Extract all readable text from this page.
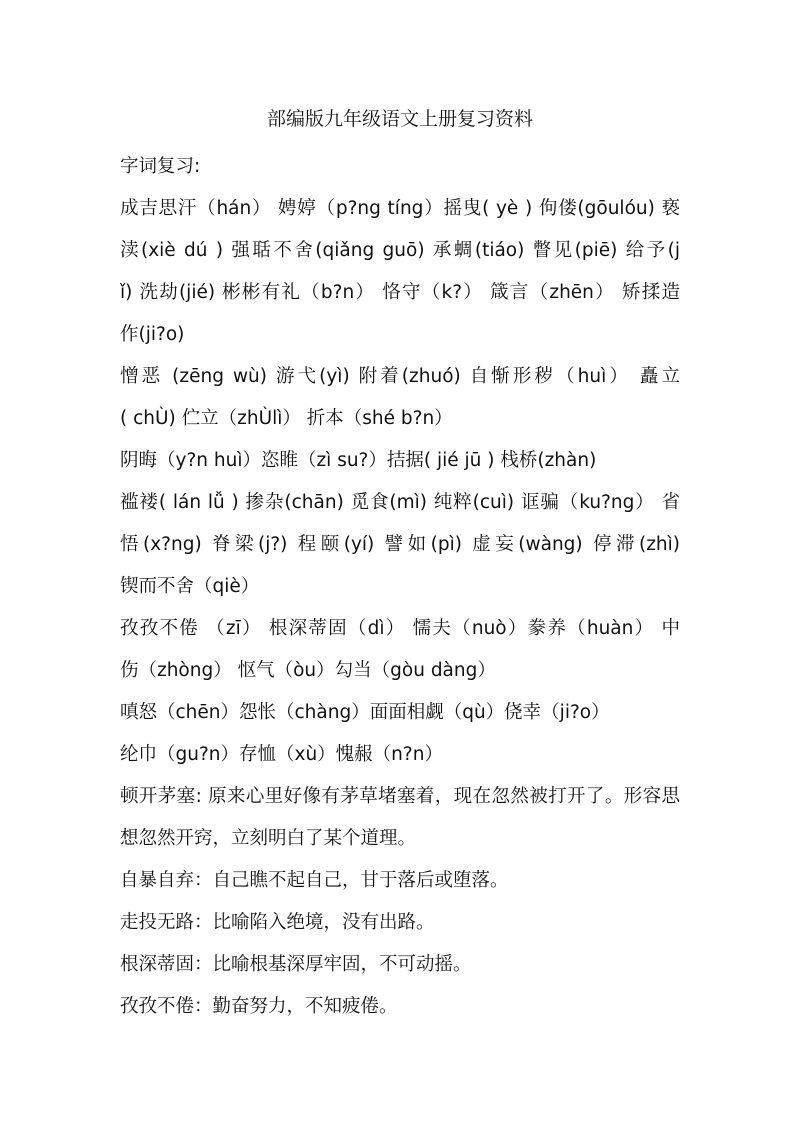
部编版九年级语文上册复习资料
字词复习:
成吉思汗（hán） 娉婷（p?ng tíng）摇曳( yè ) 佝偻(gōulóu) 亵
渎(xiè dú ) 强聒不舍(qiǎng guō) 承蜩(tiáo) 瞥见(piē) 给予(j
ǐ) 洗劫(jié) 彬彬有礼（b?n） 恪守（k?） 箴言（zhēn） 矫揉造
作(ji?o)
憎恶 (zēng wù) 游弋(yì) 附着(zhuó) 自惭形秽（huì） 矗立
( chÙ) 伫立（zhÙlì） 折本（shé b?n）
阴晦（y?n huì）恣睢（zì su?）拮据( jié jū ) 栈桥(zhàn)
褴褛( lán lǚ ) 掺杂(chān) 觅食(mì) 纯粹(cuì) 诓骗（ku?ng） 省
悟(x?ng) 脊梁(j?) 程颐(yí) 譬如(pì) 虚妄(wàng) 停滞(zhì)
锲而不舍（qiè）
孜孜不倦 （zī） 根深蒂固（dì） 懦夫（nuò）豢养（huàn） 中
伤（zhòng） 怄气（òu）勾当（gòu dàng）
嗔怒（chēn）怨怅（chàng）面面相觑（qù）侥幸（ji?o）
纶巾（gu?n）存恤（xù）愧赧（n?n）
顿开茅塞: 原来心里好像有茅草堵塞着，现在忽然被打开了。形容思
想忽然开窍，立刻明白了某个道理。
自暴自弃：自己瞧不起自己，甘于落后或堕落。
走投无路：比喻陷入绝境，没有出路。
根深蒂固：比喻根基深厚牢固，不可动摇。
孜孜不倦：勤奋努力，不知疲倦。
